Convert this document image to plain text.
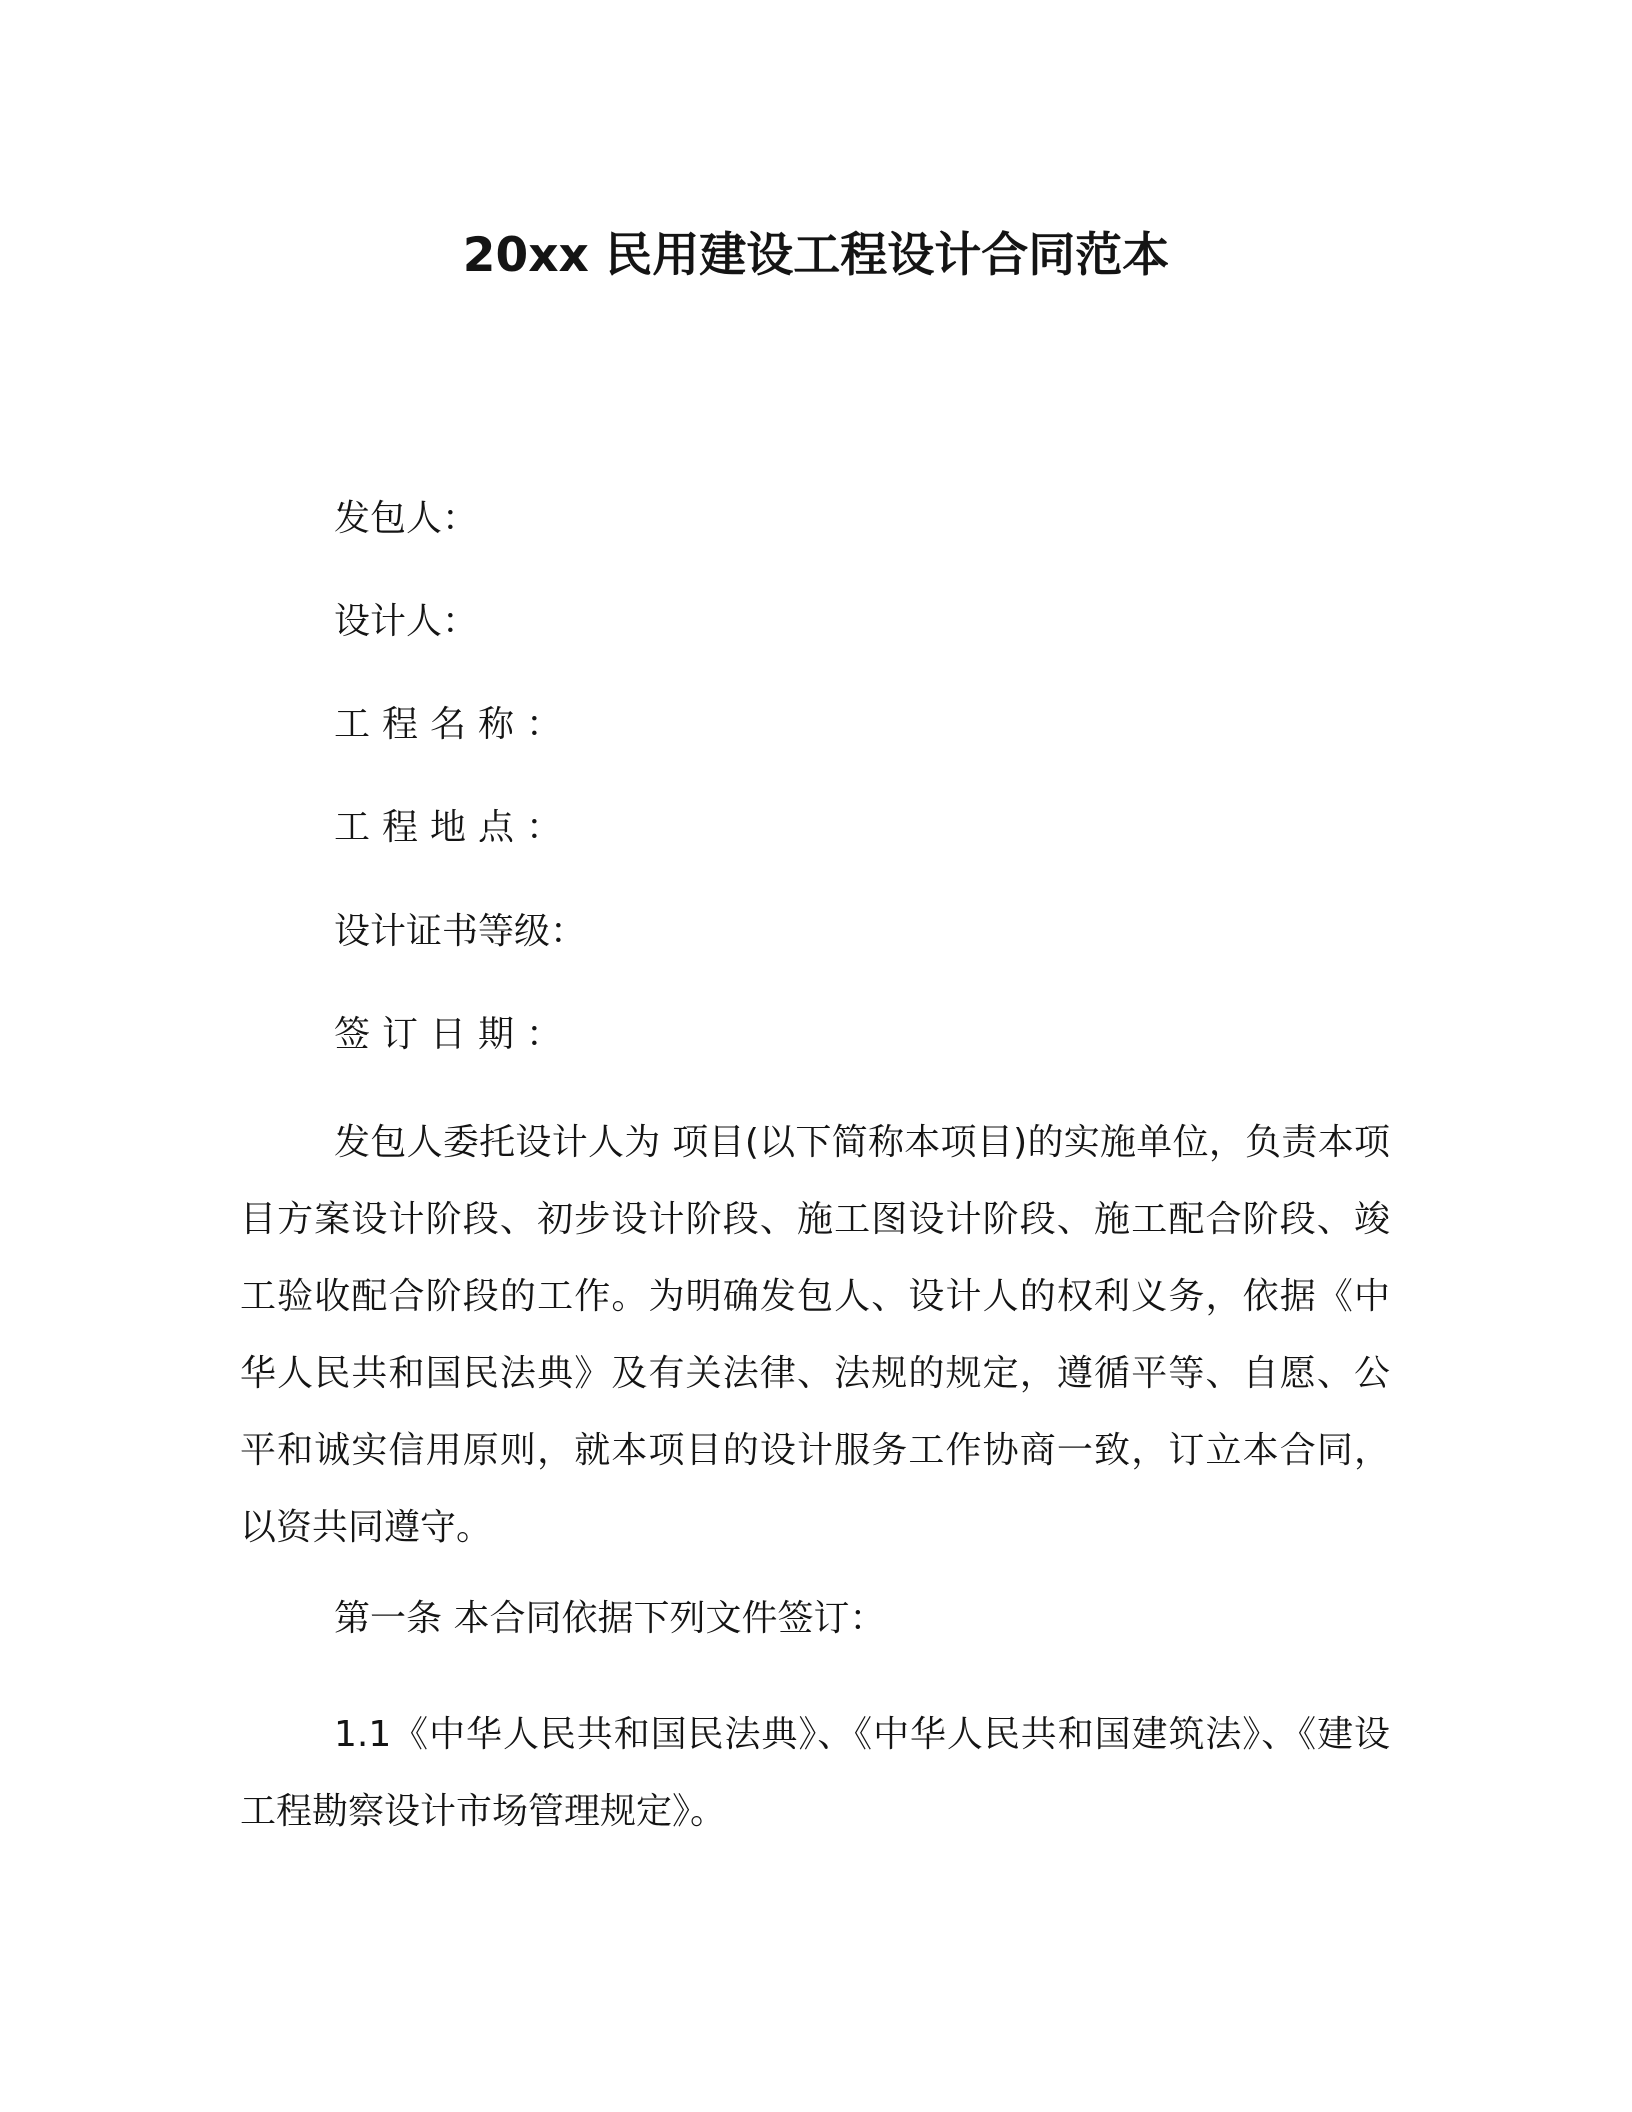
20xx 民用建设工程设计合同范本
发包人：
设计人：
工程名称：
工程地点：
设计证书等级：
签订日期：

发包人委托设计人为 项目(以下简称本项目)的实施单位，负责本项目方案设计阶段、初步设计阶段、施工图设计阶段、施工配合阶段、竣工验收配合阶段的工作。为明确发包人、设计人的权利义务，依据《中华人民共和国民法典》及有关法律、法规的规定，遵循平等、自愿、公平和诚实信用原则，就本项目的设计服务工作协商一致，订立本合同，以资共同遵守。

第一条 本合同依据下列文件签订：

1.1《中华人民共和国民法典》、《中华人民共和国建筑法》、《建设工程勘察设计市场管理规定》。
